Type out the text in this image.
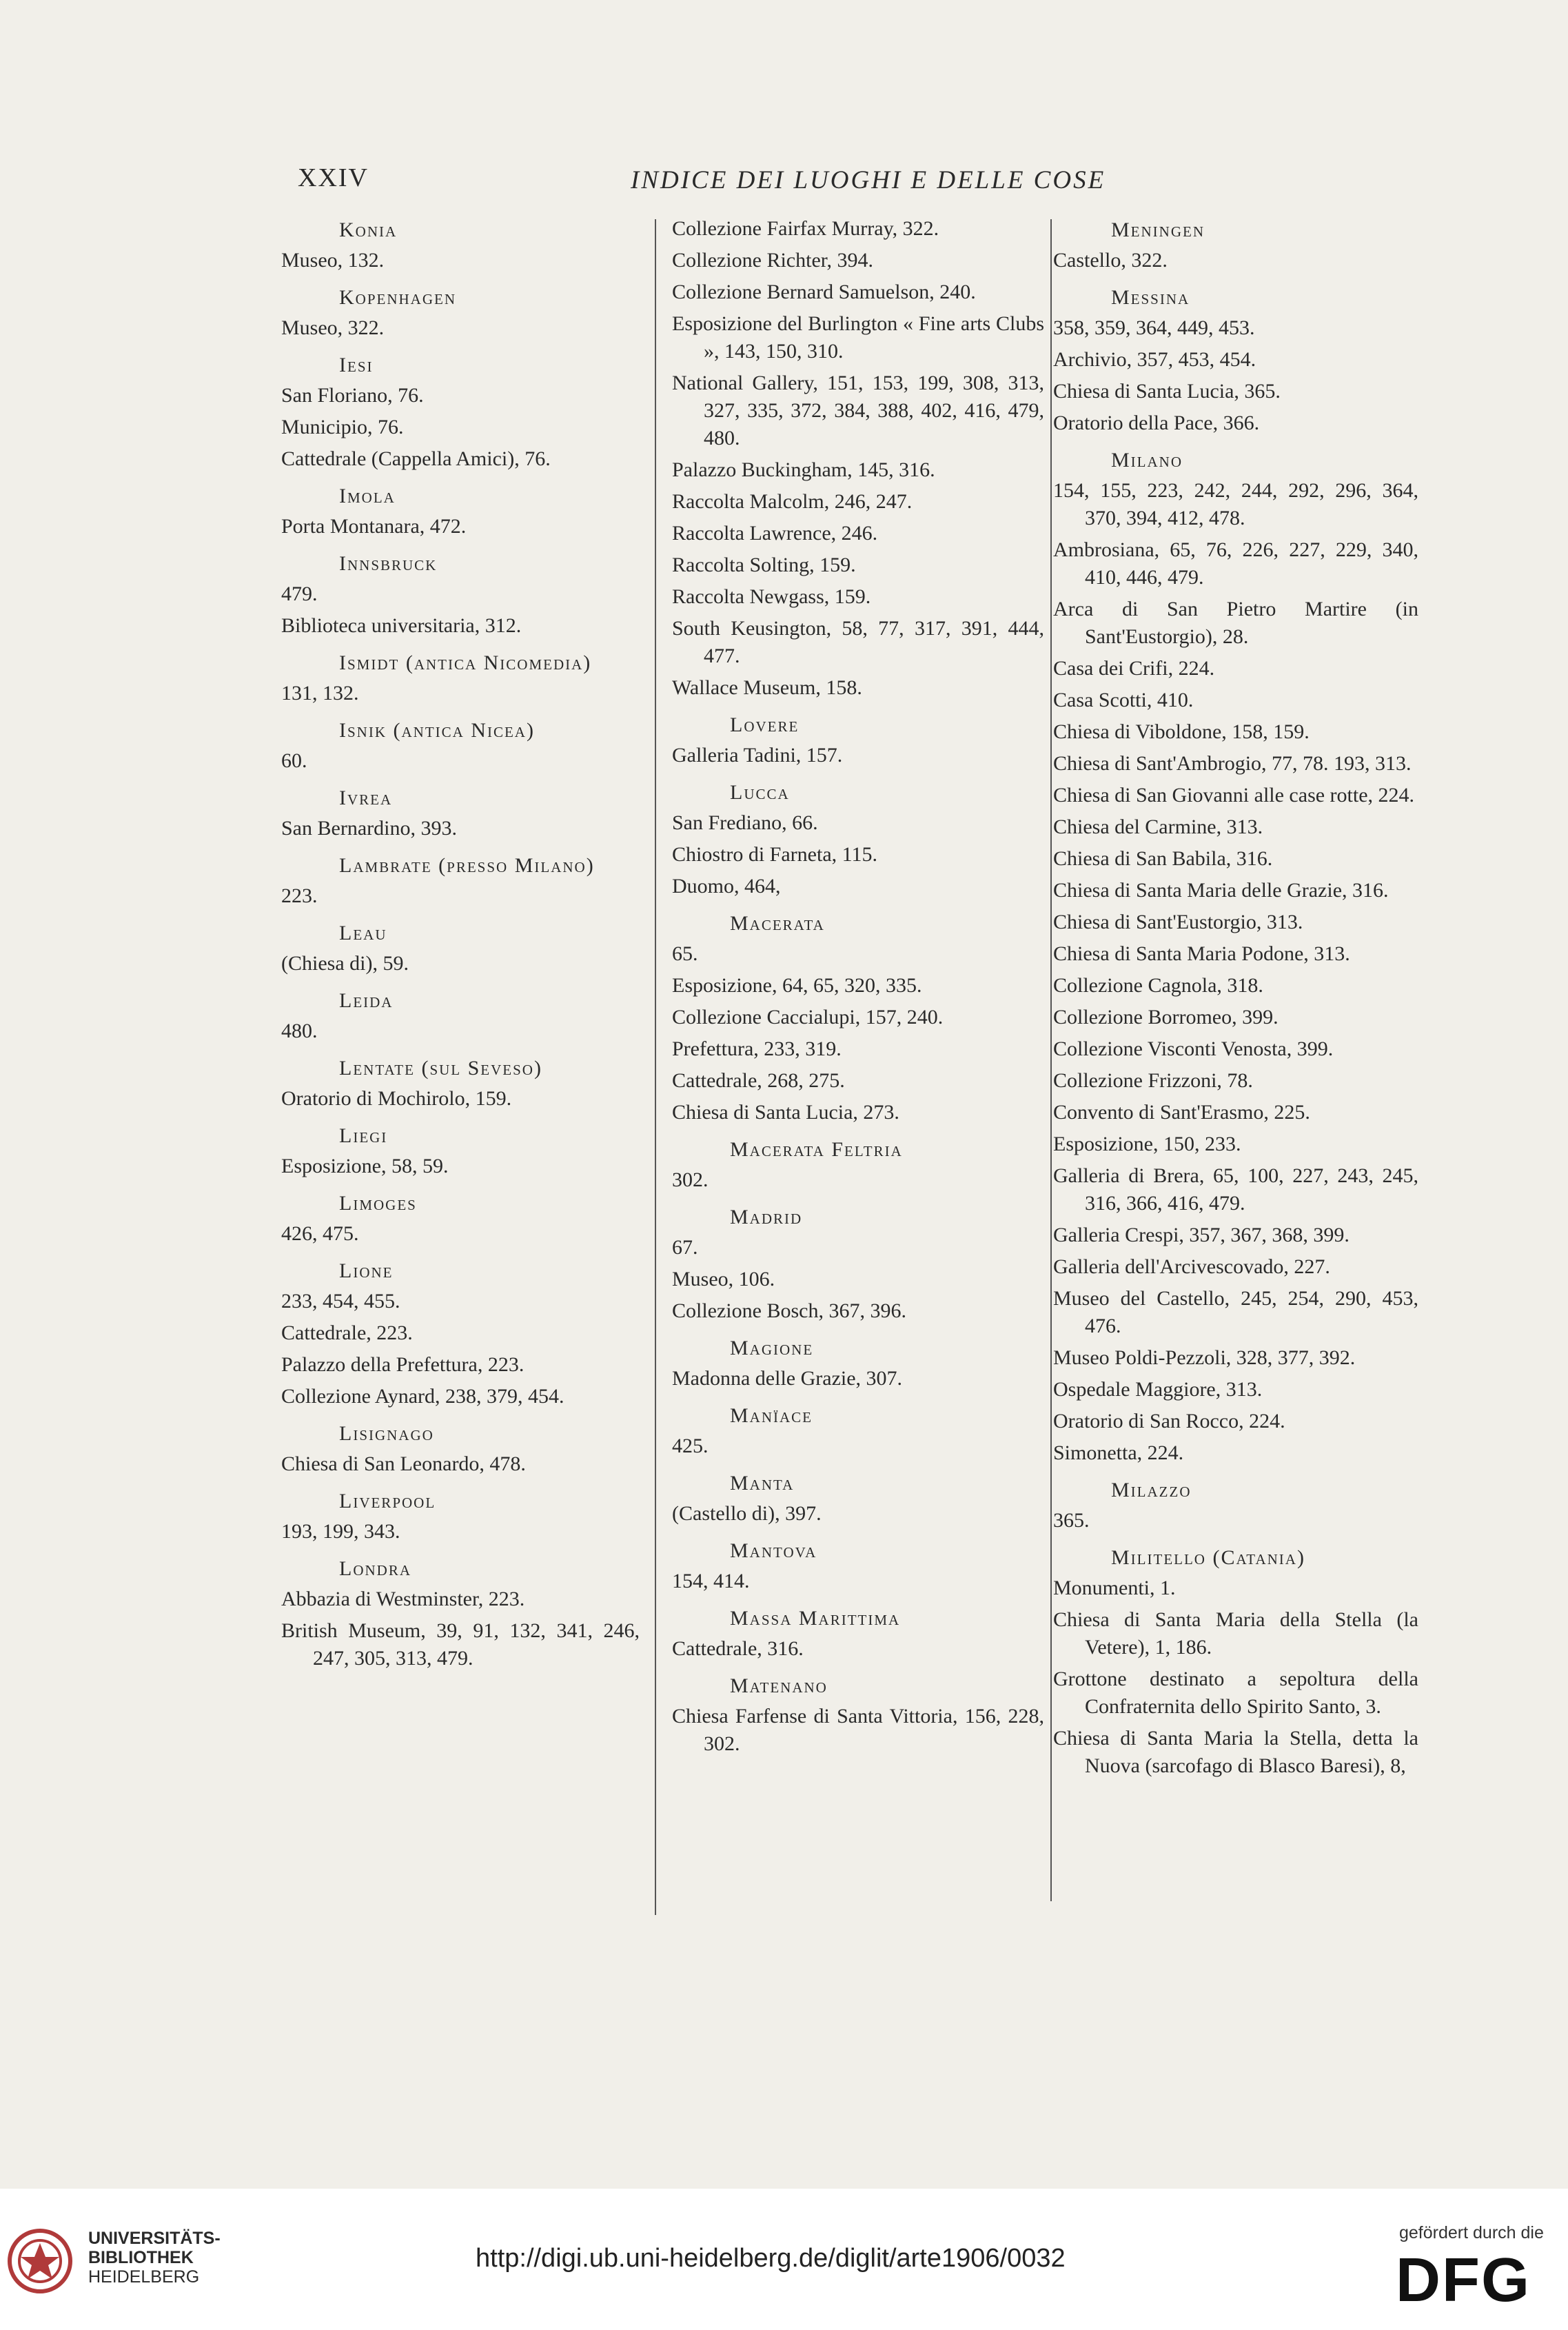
XXIV	INDICE DEI LUOGHI E DELLE COSE
Konia
Museo, 132.
Kopenhagen
Museo, 322.
Iesi
San Floriano, 76.
Municipio, 76.
Cattedrale (Cappella Amici), 76.
Imola
Porta Montanara, 472.
Innsbruck
479.
Biblioteca universitaria, 312.
Ismidt (antica Nicomedia)
131, 132.
Isnik (antica Nicea)
60.
Ivrea
San Bernardino, 393.
Lambrate (presso Milano)
223.
Leau
(Chiesa di), 59.
Leida
480.
Lentate (sul Seveso)
Oratorio di Mochirolo, 159.
Liegi
Esposizione, 58, 59.
Limoges
426, 475.
Lione
233, 454, 455.
Cattedrale, 223.
Palazzo della Prefettura, 223.
Collezione Aynard, 238, 379, 454.
Lisignago
Chiesa di San Leonardo, 478.
Liverpool
193, 199, 343.
Londra
Abbazia di Westminster, 223.
British Museum, 39, 91, 132, 341, 246, 247, 305, 313, 479.
Collezione Fairfax Murray, 322.
Collezione Richter, 394.
Collezione Bernard Samuelson, 240.
Esposizione del Burlington « Fine arts Clubs », 143, 150, 310.
National Gallery, 151, 153, 199, 308, 313, 327, 335, 372, 384, 388, 402, 416, 479, 480.
Palazzo Buckingham, 145, 316.
Raccolta Malcolm, 246, 247.
Raccolta Lawrence, 246.
Raccolta Solting, 159.
Raccolta Newgass, 159.
South Keusington, 58, 77, 317, 391, 444, 477.
Wallace Museum, 158.
Lovere
Galleria Tadini, 157.
Lucca
San Frediano, 66.
Chiostro di Farneta, 115.
Duomo, 464,
Macerata
65.
Esposizione, 64, 65, 320, 335.
Collezione Caccialupi, 157, 240.
Prefettura, 233, 319.
Cattedrale, 268, 275.
Chiesa di Santa Lucia, 273.
Macerata Feltria
302.
Madrid
67.
Museo, 106.
Collezione Bosch, 367, 396.
Magione
Madonna delle Grazie, 307.
Manïace
425.
Manta
(Castello di), 397.
Mantova
154, 414.
Massa Marittima
Cattedrale, 316.
Matenano
Chiesa Farfense di Santa Vittoria, 156, 228, 302.
Meningen
Castello, 322.
Messina
358, 359, 364, 449, 453.
Archivio, 357, 453, 454.
Chiesa di Santa Lucia, 365.
Oratorio della Pace, 366.
Milano
154, 155, 223, 242, 244, 292, 296, 364, 370, 394, 412, 478.
Ambrosiana, 65, 76, 226, 227, 229, 340, 410, 446, 479.
Arca di San Pietro Martire (in Sant'Eustorgio), 28.
Casa dei Crifi, 224.
Casa Scotti, 410.
Chiesa di Viboldone, 158, 159.
Chiesa di Sant'Ambrogio, 77, 78. 193, 313.
Chiesa di San Giovanni alle case rotte, 224.
Chiesa del Carmine, 313.
Chiesa di San Babila, 316.
Chiesa di Santa Maria delle Grazie, 316.
Chiesa di Sant'Eustorgio, 313.
Chiesa di Santa Maria Podone, 313.
Collezione Cagnola, 318.
Collezione Borromeo, 399.
Collezione Visconti Venosta, 399.
Collezione Frizzoni, 78.
Convento di Sant'Erasmo, 225.
Esposizione, 150, 233.
Galleria di Brera, 65, 100, 227, 243, 245, 316, 366, 416, 479.
Galleria Crespi, 357, 367, 368, 399.
Galleria dell'Arcivescovado, 227.
Museo del Castello, 245, 254, 290, 453, 476.
Museo Poldi-Pezzoli, 328, 377, 392.
Ospedale Maggiore, 313.
Oratorio di San Rocco, 224.
Simonetta, 224.
Milazzo
365.
Militello (Catania)
Monumenti, 1.
Chiesa di Santa Maria della Stella (la Vetere), 1, 186.
Grottone destinato a sepoltura della Confraternita dello Spirito Santo, 3.
Chiesa di Santa Maria la Stella, detta la Nuova (sarcofago di Blasco Baresi), 8,
UNIVERSITÄTS-
BIBLIOTHEK
HEIDELBERG
http://digi.ub.uni-heidelberg.de/diglit/arte1906/0032
gefördert durch die
DFG
